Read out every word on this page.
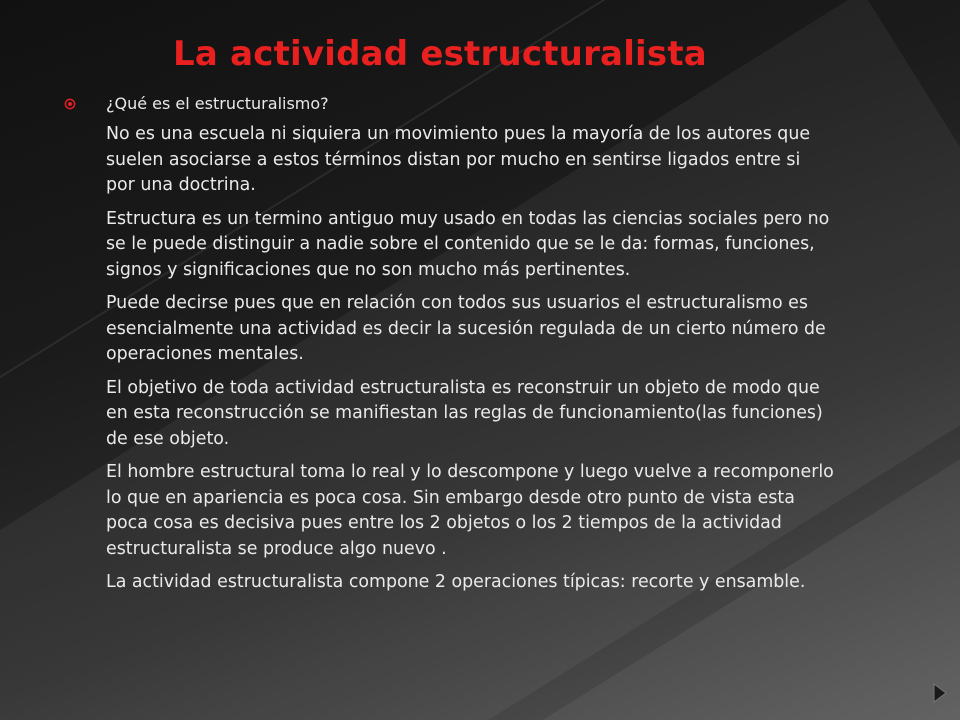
La actividad estructuralista
¿Qué es el estructuralismo?

No es una escuela ni siquiera un movimiento pues la mayoría de los autores que suelen asociarse a estos términos distan por mucho en sentirse ligados entre si por una doctrina.

Estructura es un termino antiguo muy usado en todas las ciencias sociales pero no se le puede distinguir a nadie sobre el contenido que se le da: formas, funciones, signos y significaciones que no son mucho más pertinentes.

Puede decirse pues que en relación con todos sus usuarios el estructuralismo es esencialmente una actividad es decir la sucesión regulada de un cierto número de operaciones mentales.

El objetivo de toda actividad estructuralista es reconstruir un objeto de modo que en esta reconstrucción se manifiestan las reglas de funcionamiento(las funciones) de ese objeto.

El hombre estructural toma lo real y lo descompone y luego vuelve a recomponerlo lo que en apariencia es poca cosa. Sin embargo desde otro punto de vista esta poca cosa es decisiva pues entre los 2 objetos o los 2 tiempos de la actividad estructuralista se produce algo nuevo .

La actividad estructuralista compone 2 operaciones típicas: recorte y ensamble.
